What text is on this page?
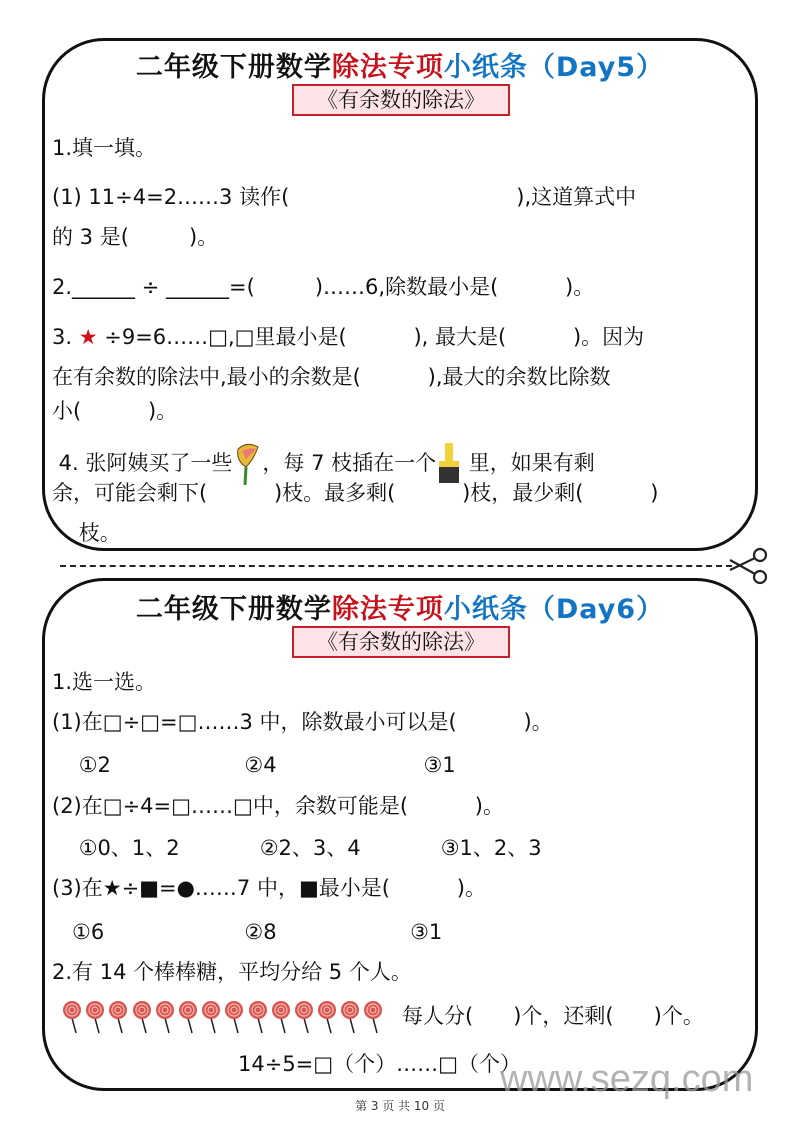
二年级下册数学除法专项小纸条（Day5）
《有余数的除法》
1.填一填。
(1) 11÷4=2……3 读作(                                  ),这道算式中
的 3 是(         )。
2.______ ÷ ______=(         )……6,除数最小是(          )。
3. ★ ÷9=6……□,□里最小是(          ), 最大是(          )。因为
在有余数的除法中,最小的余数是(          ),最大的余数比除数
小(          )。
4. 张阿姨买了一些 ，每 7 枝插在一个 里，如果有剩
余，可能会剩下(          )枝。最多剩(          )枝，最少剩(          )
枝。
二年级下册数学除法专项小纸条（Day6）
《有余数的除法》
1.选一选。
(1)在□÷□=□……3 中，除数最小可以是(          )。
①2                    ②4                      ③1
(2)在□÷4=□……□中，余数可能是(          )。
①0、1、2            ②2、3、4            ③1、2、3
(3)在★÷■=●……7 中，■最小是(          )。
①6                     ②8                    ③1
2.有 14 个棒棒糖，平均分给 5 个人。
每人分(      )个，还剩(      )个。
14÷5=□（个）……□（个）
www.sezq.com
第 3 页 共 10 页
